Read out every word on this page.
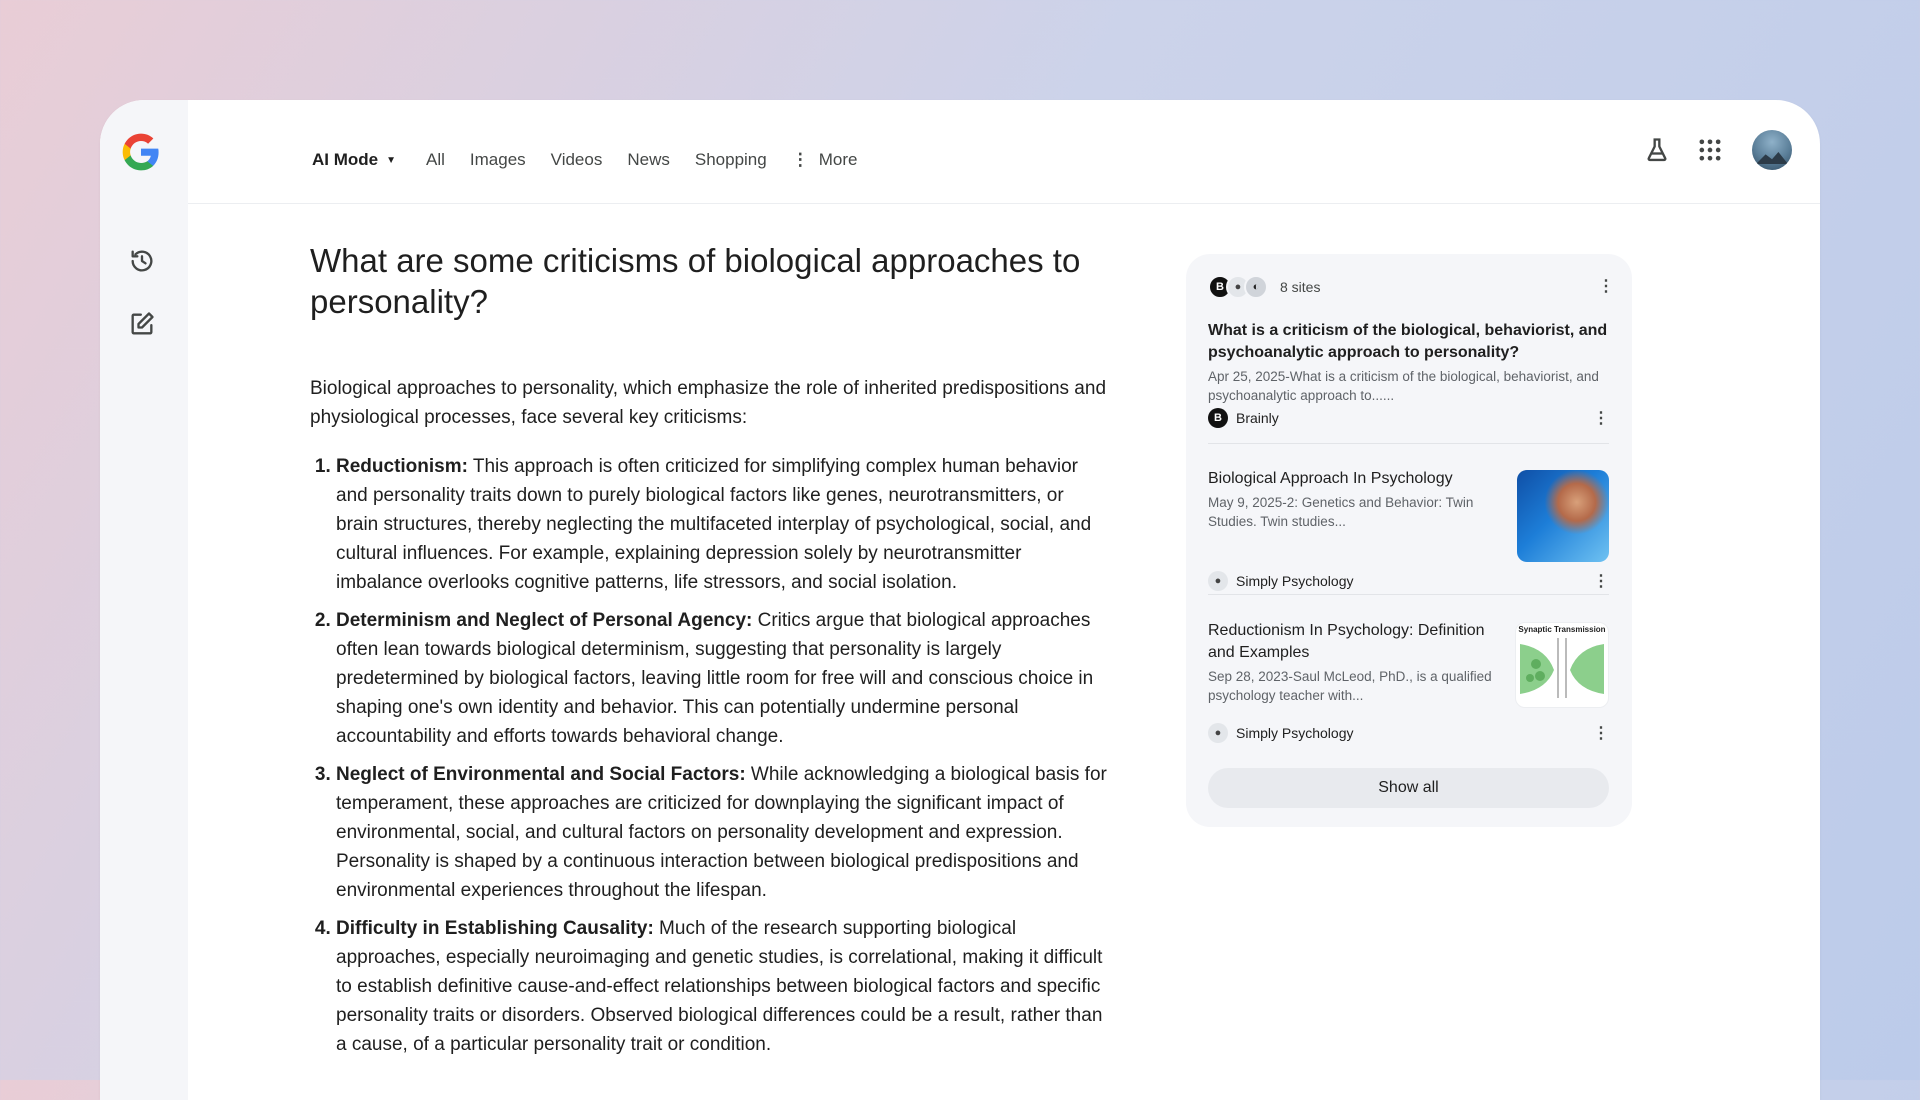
AI Mode ▼ All Images Videos News Shopping ⋮ More
What are some criticisms of biological approaches to personality?
Biological approaches to personality, which emphasize the role of inherited predispositions and physiological processes, face several key criticisms:
1. Reductionism: This approach is often criticized for simplifying complex human behavior and personality traits down to purely biological factors like genes, neurotransmitters, or brain structures, thereby neglecting the multifaceted interplay of psychological, social, and cultural influences. For example, explaining depression solely by neurotransmitter imbalance overlooks cognitive patterns, life stressors, and social isolation.
2. Determinism and Neglect of Personal Agency: Critics argue that biological approaches often lean towards biological determinism, suggesting that personality is largely predetermined by biological factors, leaving little room for free will and conscious choice in shaping one's own identity and behavior. This can potentially undermine personal accountability and efforts towards behavioral change.
3. Neglect of Environmental and Social Factors: While acknowledging a biological basis for temperament, these approaches are criticized for downplaying the significant impact of environmental, social, and cultural factors on personality development and expression. Personality is shaped by a continuous interaction between biological predispositions and environmental experiences throughout the lifespan.
4. Difficulty in Establishing Causality: Much of the research supporting biological approaches, especially neuroimaging and genetic studies, is correlational, making it difficult to establish definitive cause-and-effect relationships between biological factors and specific personality traits or disorders. Observed biological differences could be a result, rather than a cause, of a particular personality trait or condition.
B ●	◐	8 sites	⋮
What is a criticism of the biological, behaviorist, and psychoanalytic approach to personality?
Apr 25, 2025-What is a criticism of the biological, behaviorist, and psychoanalytic approach to......
B	Brainly	⋮
Biological Approach In Psychology
May 9, 2025-2: Genetics and Behavior: Twin Studies. Twin studies...
●	Simply Psychology	⋮
Reductionism In Psychology: Definition and Examples
Sep 28, 2023-Saul McLeod, PhD., is a qualified psychology teacher with...
●	Simply Psychology	⋮
Synaptic Transmission
Show all
